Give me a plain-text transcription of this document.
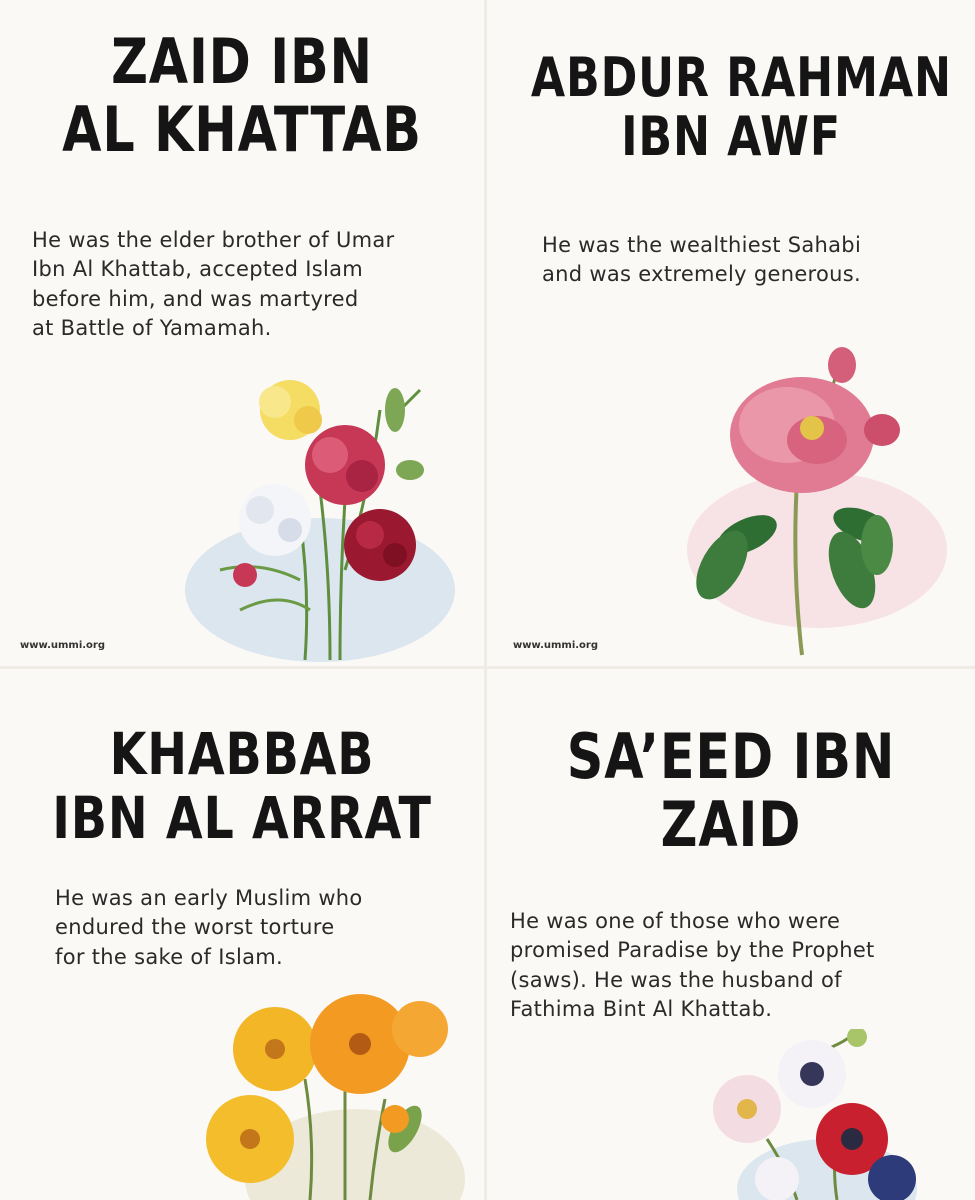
ZAID IBN
AL KHATTAB
He was the elder brother of Umar
Ibn Al Khattab, accepted Islam
before him, and was martyred
at Battle of Yamamah.
www.ummi.org
ABDUR RAHMAN
IBN AWF
He was the wealthiest Sahabi
and was extremely generous.
www.ummi.org
KHABBAB
IBN AL ARRAT
He was an early Muslim who
endured the worst torture
for the sake of Islam.
SA’EED IBN
ZAID
He was one of those who were
promised Paradise by the Prophet
(saws). He was the husband of
Fathima Bint Al Khattab.
